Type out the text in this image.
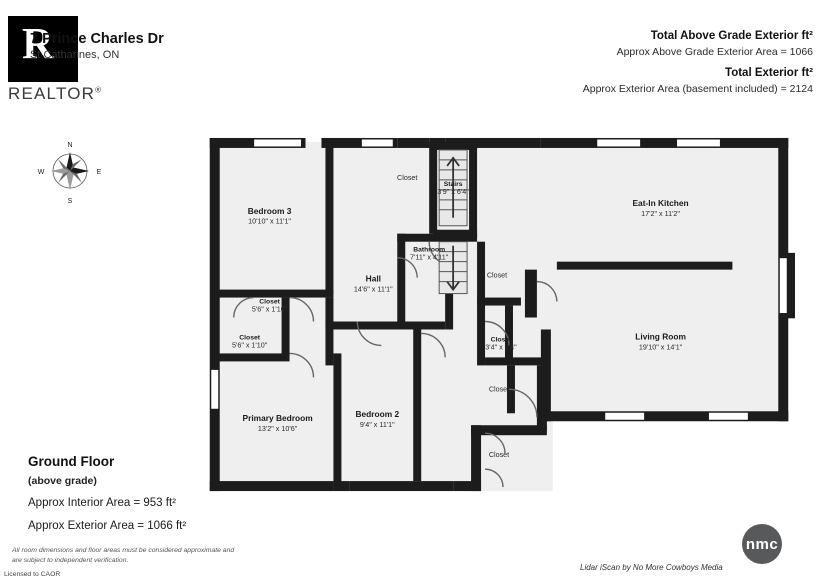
R
REALTOR®
7 Prince Charles Dr
St Catharines, ON
Total Above Grade Exterior ft²
Approx Above Grade Exterior Area = 1066
Total Exterior ft²
Approx Exterior Area (basement included) = 2124
N
S
E
W
Bedroom 3
10'10" x 11'1"
Stairs
3'9" x 6'4"
Bathroom
7'11" x 4'11"
Eat-In Kitchen
17'2" x 11'2"
Hall
14'6" x 11'1"
Living Room
19'10" x 14'1"
Primary Bedroom
13'2" x 10'6"
Bedroom 2
9'4" x 11'1"
Closet
Closet
5'6" x 1'10"
Closet
5'6" x 1'10"
Closet
Closet
3'4" x 2'4"
Closet
Closet
Ground Floor
(above grade)
Approx Interior Area = 953 ft²
Approx Exterior Area = 1066 ft²
All room dimensions and floor areas must be considered approximate and are subject to independent verification.
Licensed to CAOR
Lidar iScan by No More Cowboys Media
nmc
